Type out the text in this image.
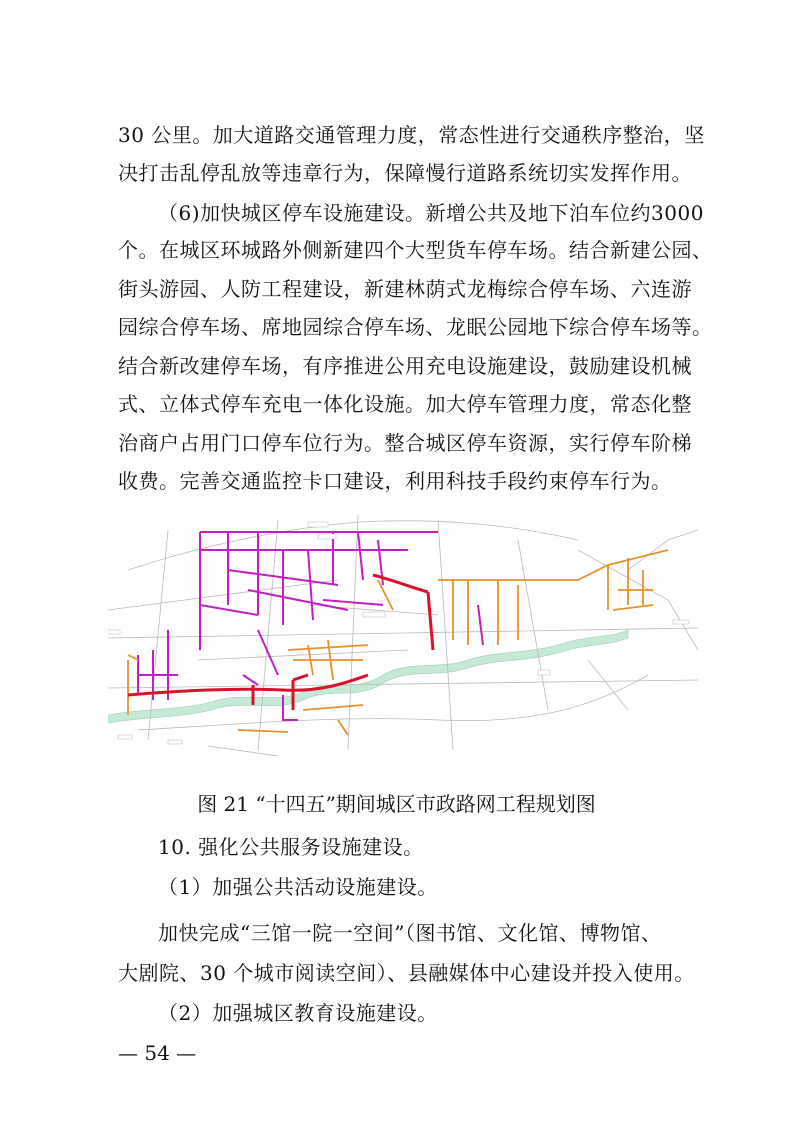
30 公里。加大道路交通管理力度，常态性进行交通秩序整治，坚
决打击乱停乱放等违章行为，保障慢行道路系统切实发挥作用。
（6)加快城区停车设施建设。新增公共及地下泊车位约3000
个。在城区环城路外侧新建四个大型货车停车场。结合新建公园、
街头游园、人防工程建设，新建林荫式龙梅综合停车场、六连游
园综合停车场、席地园综合停车场、龙眠公园地下综合停车场等。
结合新改建停车场，有序推进公用充电设施建设，鼓励建设机械
式、立体式停车充电一体化设施。加大停车管理力度，常态化整
治商户占用门口停车位行为。整合城区停车资源，实行停车阶梯
收费。完善交通监控卡口建设，利用科技手段约束停车行为。
图 21 “十四五”期间城区市政路网工程规划图
10. 强化公共服务设施建设。
（1）加强公共活动设施建设。
加快完成“三馆一院一空间”（图书馆、文化馆、博物馆、
大剧院、30 个城市阅读空间）、县融媒体中心建设并投入使用。
（2）加强城区教育设施建设。
— 54 —
